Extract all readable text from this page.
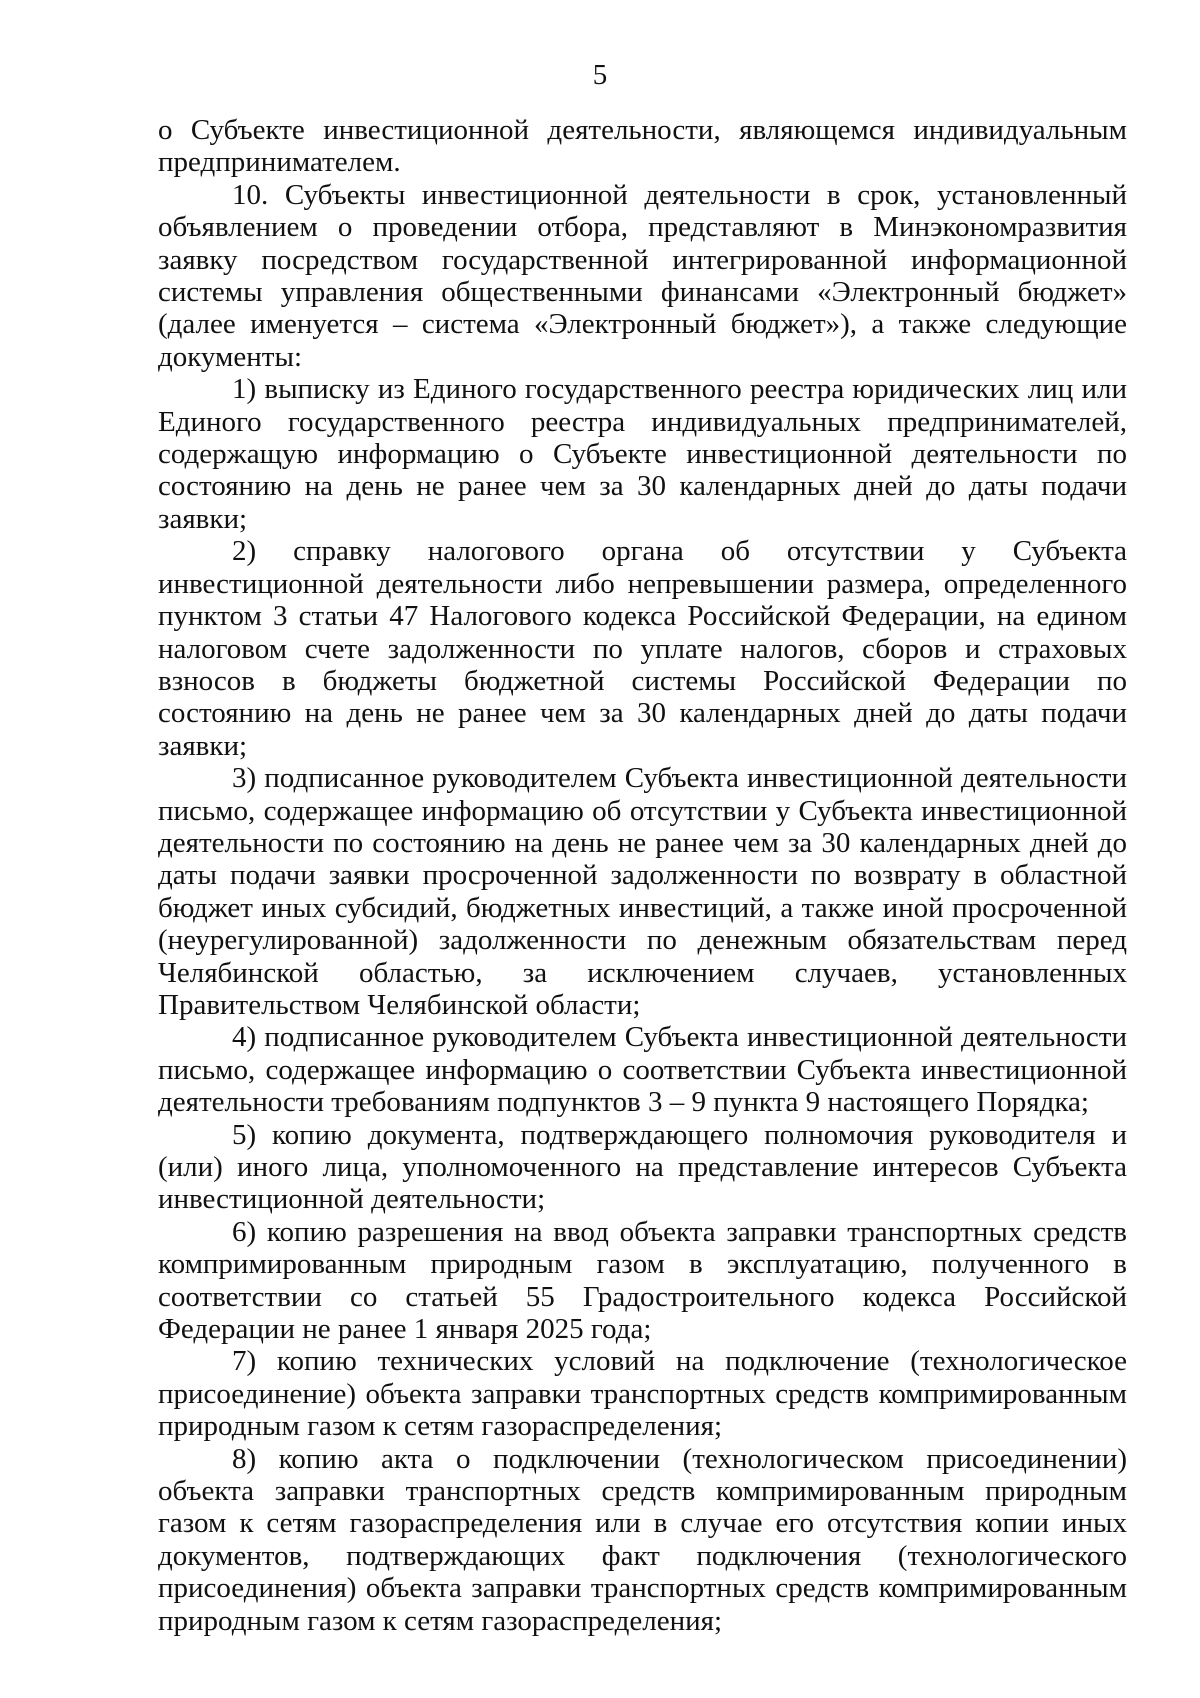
5

о Субъекте инвестиционной деятельности, являющемся индивидуальным предпринимателем.

10. Субъекты инвестиционной деятельности в срок, установленный объявлением о проведении отбора, представляют в Минэкономразвития заявку посредством государственной интегрированной информационной системы управления общественными финансами «Электронный бюджет» (далее именуется – система «Электронный бюджет»), а также следующие документы:

1) выписку из Единого государственного реестра юридических лиц или Единого государственного реестра индивидуальных предпринимателей, содержащую информацию о Субъекте инвестиционной деятельности по состоянию на день не ранее чем за 30 календарных дней до даты подачи заявки;

2) справку налогового органа об отсутствии у Субъекта инвестиционной деятельности либо непревышении размера, определенного пунктом 3 статьи 47 Налогового кодекса Российской Федерации, на едином налоговом счете задолженности по уплате налогов, сборов и страховых взносов в бюджеты бюджетной системы Российской Федерации по состоянию на день не ранее чем за 30 календарных дней до даты подачи заявки;

3) подписанное руководителем Субъекта инвестиционной деятельности письмо, содержащее информацию об отсутствии у Субъекта инвестиционной деятельности по состоянию на день не ранее чем за 30 календарных дней до даты подачи заявки просроченной задолженности по возврату в областной бюджет иных субсидий, бюджетных инвестиций, а также иной просроченной (неурегулированной) задолженности по денежным обязательствам перед Челябинской областью, за исключением случаев, установленных Правительством Челябинской области;

4) подписанное руководителем Субъекта инвестиционной деятельности письмо, содержащее информацию о соответствии Субъекта инвестиционной деятельности требованиям подпунктов 3 – 9 пункта 9 настоящего Порядка;

5) копию документа, подтверждающего полномочия руководителя и (или) иного лица, уполномоченного на представление интересов Субъекта инвестиционной деятельности;

6) копию разрешения на ввод объекта заправки транспортных средств компримированным природным газом в эксплуатацию, полученного в соответствии со статьей 55 Градостроительного кодекса Российской Федерации не ранее 1 января 2025 года;

7) копию технических условий на подключение (технологическое присоединение) объекта заправки транспортных средств компримированным природным газом к сетям газораспределения;

8) копию акта о подключении (технологическом присоединении) объекта заправки транспортных средств компримированным природным газом к сетям газораспределения или в случае его отсутствия копии иных документов, подтверждающих факт подключения (технологического присоединения) объекта заправки транспортных средств компримированным природным газом к сетям газораспределения;
